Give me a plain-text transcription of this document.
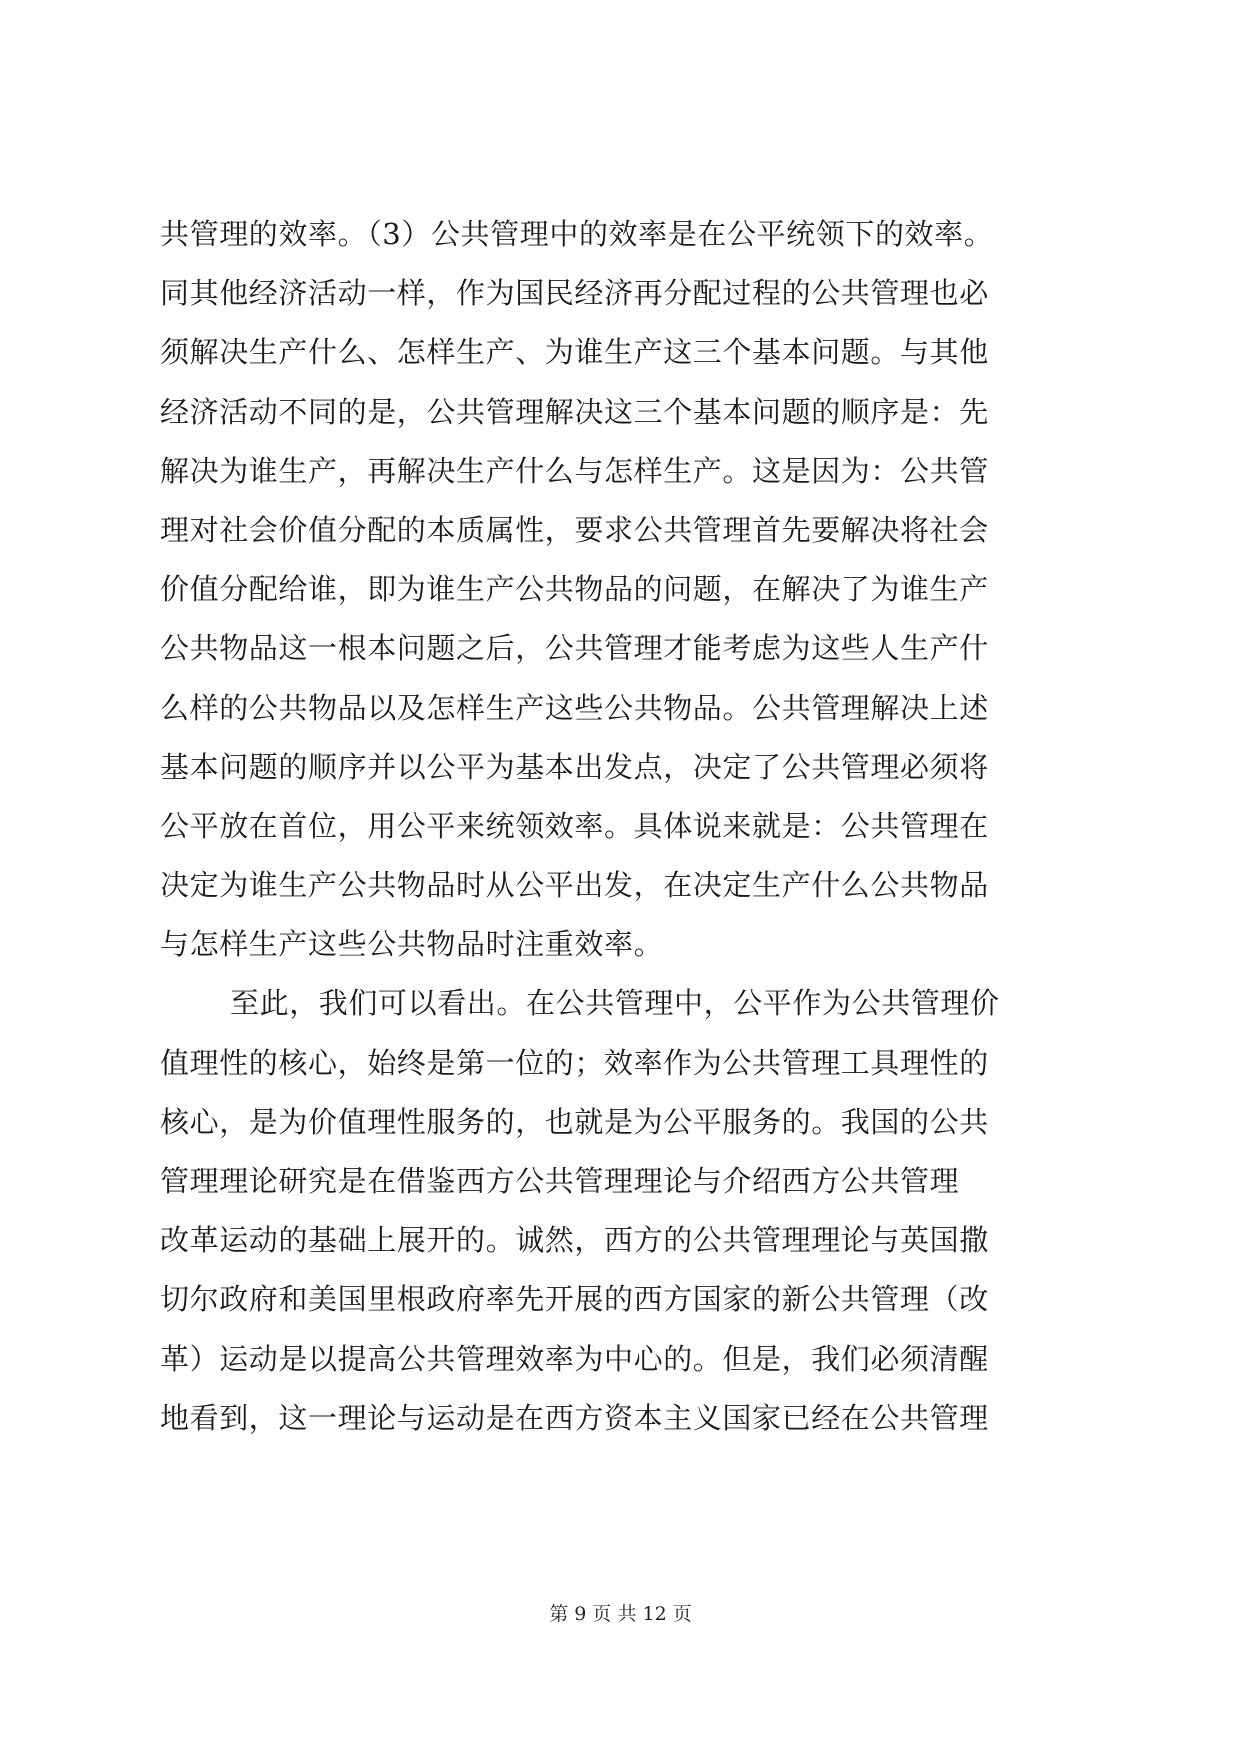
共管理的效率。（3）公共管理中的效率是在公平统领下的效率。
同其他经济活动一样，作为国民经济再分配过程的公共管理也必
须解决生产什么、怎样生产、为谁生产这三个基本问题。与其他
经济活动不同的是，公共管理解决这三个基本问题的顺序是：先
解决为谁生产，再解决生产什么与怎样生产。这是因为：公共管
理对社会价值分配的本质属性，要求公共管理首先要解决将社会
价值分配给谁，即为谁生产公共物品的问题，在解决了为谁生产
公共物品这一根本问题之后，公共管理才能考虑为这些人生产什
么样的公共物品以及怎样生产这些公共物品。公共管理解决上述
基本问题的顺序并以公平为基本出发点，决定了公共管理必须将
公平放在首位，用公平来统领效率。具体说来就是：公共管理在
决定为谁生产公共物品时从公平出发，在决定生产什么公共物品
与怎样生产这些公共物品时注重效率。
至此，我们可以看出。在公共管理中，公平作为公共管理价
值理性的核心，始终是第一位的；效率作为公共管理工具理性的
核心，是为价值理性服务的，也就是为公平服务的。我国的公共
管理理论研究是在借鉴西方公共管理理论与介绍西方公共管理
改革运动的基础上展开的。诚然，西方的公共管理理论与英国撒
切尔政府和美国里根政府率先开展的西方国家的新公共管理（改
革）运动是以提高公共管理效率为中心的。但是，我们必须清醒
地看到，这一理论与运动是在西方资本主义国家已经在公共管理
第 9 页 共 12 页
